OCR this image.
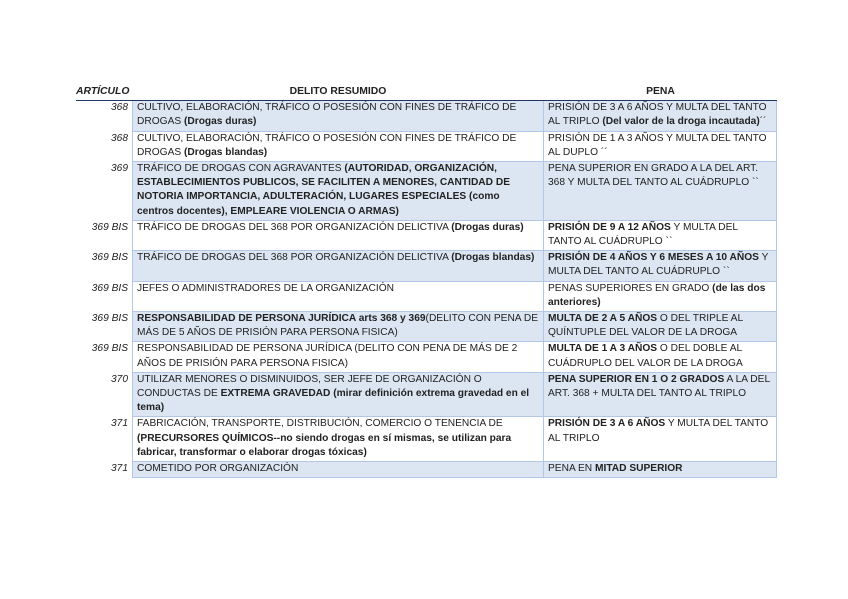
ARTÍCULO	DELITO RESUMIDO	PENA
368	CULTIVO, ELABORACIÓN, TRÁFICO O POSESIÓN CON FINES DE TRÁFICO DE DROGAS (Drogas duras)	PRISIÓN DE 3 A 6 AÑOS Y MULTA DEL TANTO AL TRIPLO (Del valor de la droga incautada)´´
368	CULTIVO, ELABORACIÓN, TRÁFICO O POSESIÓN CON FINES DE TRÁFICO DE DROGAS (Drogas blandas)	PRISIÓN DE 1 A 3 AÑOS Y MULTA DEL TANTO AL DUPLO ´´
369	TRÁFICO DE DROGAS CON AGRAVANTES (AUTORIDAD, ORGANIZACIÓN, ESTABLECIMIENTOS PUBLICOS, SE FACILITEN A MENORES, CANTIDAD DE NOTORIA IMPORTANCIA, ADULTERACIÓN, LUGARES ESPECIALES (como centros docentes), EMPLEARE VIOLENCIA O ARMAS)	PENA SUPERIOR EN GRADO A LA DEL ART. 368 Y MULTA DEL TANTO AL CUÁDRUPLO ``
369 BIS	TRÁFICO DE DROGAS DEL 368 POR ORGANIZACIÓN DELICTIVA (Drogas duras)	PRISIÓN DE 9 A 12 AÑOS Y MULTA DEL TANTO AL CUÁDRUPLO ``
369 BIS	TRÁFICO DE DROGAS DEL 368 POR ORGANIZACIÓN DELICTIVA (Drogas blandas)	PRISIÓN DE 4 AÑOS Y 6 MESES A 10 AÑOS Y MULTA DEL TANTO AL CUÁDRUPLO ``
369 BIS	JEFES O ADMINISTRADORES DE LA ORGANIZACIÓN	PENAS SUPERIORES EN GRADO (de las dos anteriores)
369 BIS	RESPONSABILIDAD DE PERSONA JURÍDICA arts 368 y 369(DELITO CON PENA DE MÁS DE 5 AÑOS DE PRISIÓN PARA PERSONA FISICA)	MULTA DE 2 A 5 AÑOS O DEL TRIPLE AL QUÍNTUPLE DEL VALOR DE LA DROGA
369 BIS	RESPONSABILIDAD DE PERSONA JURÍDICA (DELITO CON PENA DE MÁS DE 2 AÑOS DE PRISIÓN PARA PERSONA FISICA)	MULTA DE 1 A 3 AÑOS O DEL DOBLE AL CUÁDRUPLO DEL VALOR DE LA DROGA
370	UTILIZAR MENORES O DISMINUIDOS, SER JEFE DE ORGANIZACIÓN O CONDUCTAS DE EXTREMA GRAVEDAD (mirar definición extrema gravedad en el tema)	PENA SUPERIOR EN 1 O 2 GRADOS A LA DEL ART. 368 + MULTA DEL TANTO AL TRIPLO
371	FABRICACIÓN, TRANSPORTE, DISTRIBUCIÓN, COMERCIO O TENENCIA DE (PRECURSORES QUÍMICOS--no siendo drogas en sí mismas, se utilizan para fabricar, transformar o elaborar drogas tóxicas)	PRISIÓN DE 3 A 6 AÑOS Y MULTA DEL TANTO AL TRIPLO
371	COMETIDO POR ORGANIZACIÓN	PENA EN MITAD SUPERIOR
